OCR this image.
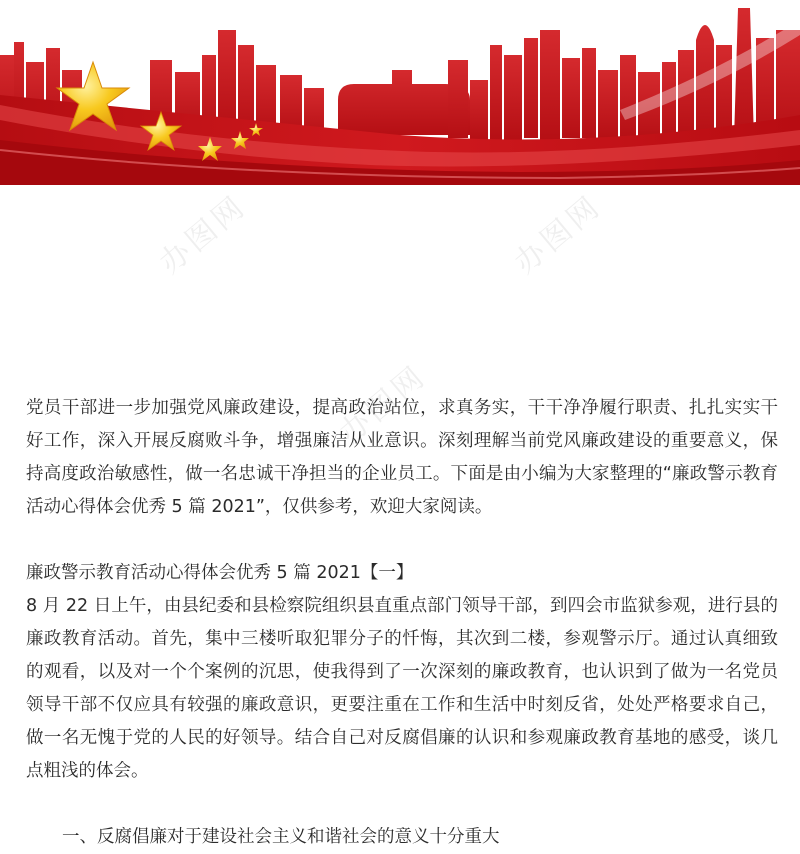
办图网	办图网
办图网

党员干部进一步加强党风廉政建设，提高政治站位，求真务实，干干净净履行职责、扎扎实实干好工作，深入开展反腐败斗争，增强廉洁从业意识。深刻理解当前党风廉政建设的重要意义，保持高度政治敏感性，做一名忠诚干净担当的企业员工。下面是由小编为大家整理的“廉政警示教育活动心得体会优秀 5 篇 2021”，仅供参考，欢迎大家阅读。

廉政警示教育活动心得体会优秀 5 篇 2021【一】

8 月 22 日上午，由县纪委和县检察院组织县直重点部门领导干部，到四会市监狱参观，进行县的廉政教育活动。首先，集中三楼听取犯罪分子的忏悔，其次到二楼，参观警示厅。通过认真细致的观看，以及对一个个案例的沉思，使我得到了一次深刻的廉政教育，也认识到了做为一名党员领导干部不仅应具有较强的廉政意识，更要注重在工作和生活中时刻反省，处处严格要求自己，做一名无愧于党的人民的好领导。结合自己对反腐倡廉的认识和参观廉政教育基地的感受，谈几点粗浅的体会。

一、反腐倡廉对于建设社会主义和谐社会的意义十分重大
